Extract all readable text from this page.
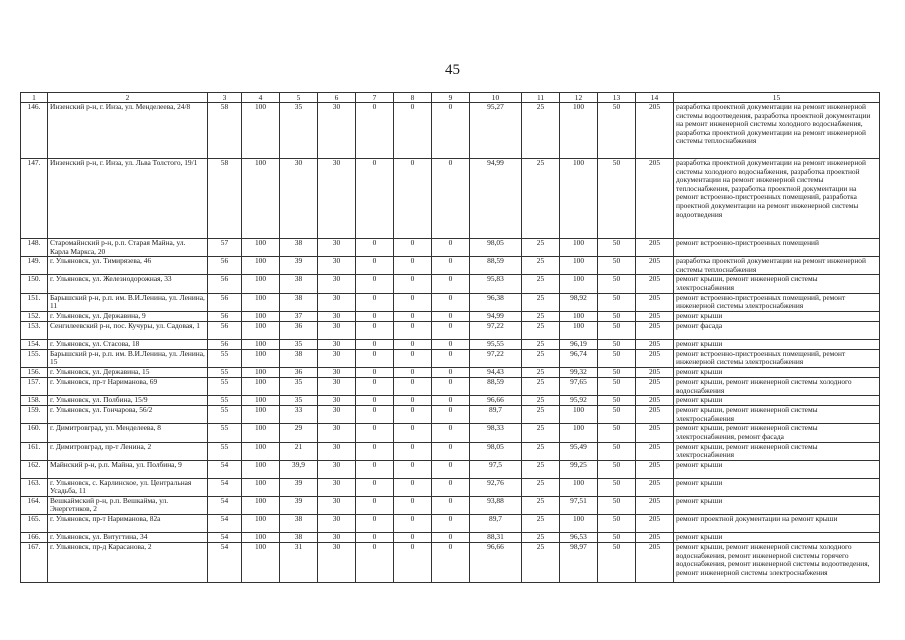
45
1	2	3	4	5	6	7	8	9	10	11	12	13	14	15
146.	Инзенский р-н, г. Инза, ул. Менделеева, 24/8	58	100	35	30	0	0	0	95,27	25	100	50	205	разработка проектной документации на ремонт инженерной системы водоотведения, разработка проектной документации на ремонт инженерной системы холодного водоснабжения, разработка проектной документации на ремонт инженерной системы теплоснабжения
147.	Инзенский р-н, г. Инза, ул. Льва Толстого, 19/1	58	100	30	30	0	0	0	94,99	25	100	50	205	разработка проектной документации на ремонт инженерной системы холодного водоснабжения, разработка проектной документации на ремонт инженерной системы теплоснабжения, разработка проектной документации на ремонт встроенно-пристроенных помещений, разработка проектной документации на ремонт инженерной системы водоотведения
148.	Старомайнский р-н, р.п. Старая Майна, ул. Карла Маркса, 20	57	100	38	30	0	0	0	98,05	25	100	50	205	ремонт встроенно-пристроенных помещений
149.	г. Ульяновск, ул. Тимирязева, 46	56	100	39	30	0	0	0	88,59	25	100	50	205	разработка проектной документации на ремонт инженерной системы теплоснабжения
150.	г. Ульяновск, ул. Железнодорожная, 33	56	100	38	30	0	0	0	95,83	25	100	50	205	ремонт крыши, ремонт инженерной системы электроснабжения
151.	Барышский р-н, р.п. им. В.И.Ленина, ул. Ленина, 11	56	100	38	30	0	0	0	96,38	25	98,92	50	205	ремонт встроенно-пристроенных помещений, ремонт инженерной системы электроснабжения
152.	г. Ульяновск, ул. Державина, 9	56	100	37	30	0	0	0	94,99	25	100	50	205	ремонт крыши
153.	Сенгилеевский р-н, пос. Кучуры, ул. Садовая, 1	56	100	36	30	0	0	0	97,22	25	100	50	205	ремонт фасада
154.	г. Ульяновск, ул. Стасова, 18	56	100	35	30	0	0	0	95,55	25	96,19	50	205	ремонт крыши
155.	Барышский р-н, р.п. им. В.И.Ленина, ул. Ленина, 15	55	100	38	30	0	0	0	97,22	25	96,74	50	205	ремонт встроенно-пристроенных помещений, ремонт инженерной системы электроснабжения
156.	г. Ульяновск, ул. Державина, 15	55	100	36	30	0	0	0	94,43	25	99,32	50	205	ремонт крыши
157.	г. Ульяновск, пр-т Нариманова, 69	55	100	35	30	0	0	0	88,59	25	97,65	50	205	ремонт крыши, ремонт инженерной системы холодного водоснабжения
158.	г. Ульяновск, ул. Полбина, 15/9	55	100	35	30	0	0	0	96,66	25	95,92	50	205	ремонт крыши
159.	г. Ульяновск, ул. Гончарова, 56/2	55	100	33	30	0	0	0	89,7	25	100	50	205	ремонт крыши, ремонт инженерной системы электроснабжения
160.	г. Димитровград, ул. Менделеева, 8	55	100	29	30	0	0	0	98,33	25	100	50	205	ремонт крыши, ремонт инженерной системы электроснабжения, ремонт фасада
161.	г. Димитровград, пр-т Ленина, 2	55	100	21	30	0	0	0	98,05	25	95,49	50	205	ремонт крыши, ремонт инженерной системы электроснабжения
162.	Майнский р-н, р.п. Майна, ул. Полбина, 9	54	100	39,9	30	0	0	0	97,5	25	99,25	50	205	ремонт крыши
163.	г. Ульяновск, с. Карлинское, ул. Центральная Усадьба, 11	54	100	39	30	0	0	0	92,76	25	100	50	205	ремонт крыши
164.	Вешкаймский р-н, р.п. Вешкайма, ул. Энергетиков, 2	54	100	39	30	0	0	0	93,88	25	97,51	50	205	ремонт крыши
165.	г. Ульяновск, пр-т Нариманова, 82а	54	100	38	30	0	0	0	89,7	25	100	50	205	ремонт проектной документации на ремонт крыши
166.	г. Ульяновск, ул. Витугтина, 34	54	100	38	30	0	0	0	88,31	25	96,53	50	205	ремонт крыши
167.	г. Ульяновск, пр-д Карасанова, 2	54	100	31	30	0	0	0	96,66	25	98,97	50	205	ремонт крыши, ремонт инженерной системы холодного водоснабжения, ремонт инженерной системы горячего водоснабжения, ремонт инженерной системы водоотведения, ремонт инженерной системы электроснабжения
